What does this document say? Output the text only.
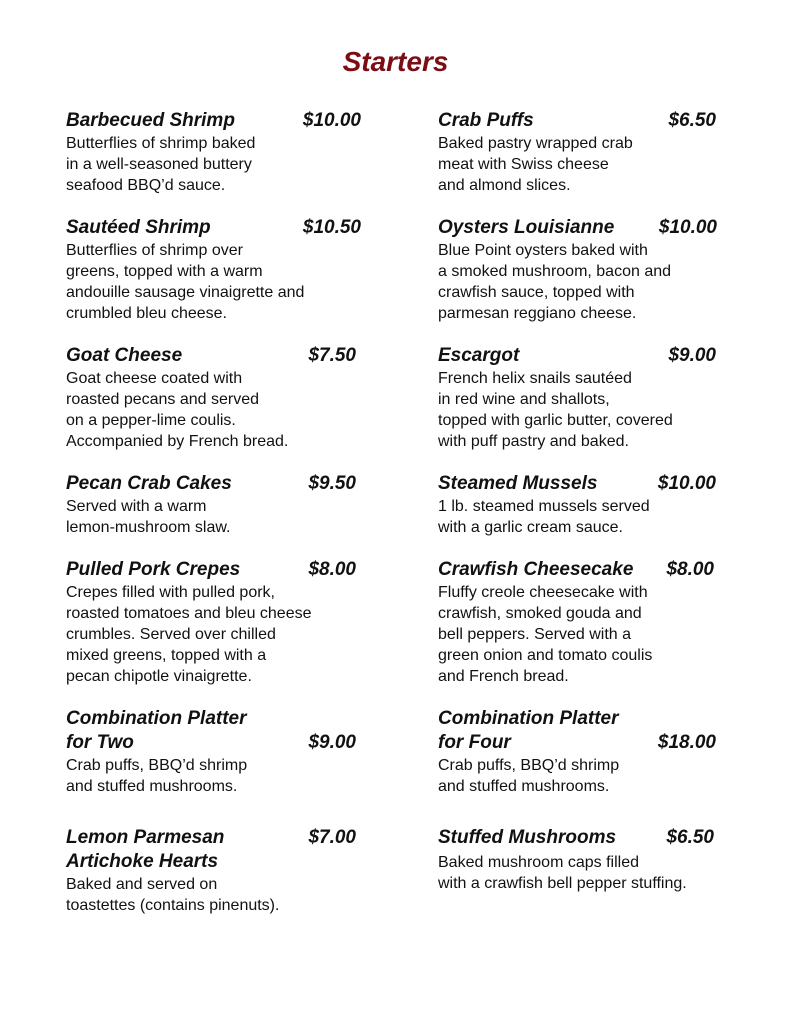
Starters
Barbecued Shrimp	$10.00
Butterflies of shrimp baked
in a well-seasoned buttery
seafood BBQ’d sauce.
Sautéed Shrimp	$10.50
Butterflies of shrimp over
greens, topped with a warm
andouille sausage vinaigrette and
crumbled bleu cheese.
Goat Cheese	$7.50
Goat cheese coated with
roasted pecans and served
on a pepper-lime coulis.
Accompanied by French bread.
Pecan Crab Cakes	$9.50
Served with a warm
lemon-mushroom slaw.
Pulled Pork Crepes	$8.00
Crepes filled with pulled pork,
roasted tomatoes and bleu cheese
crumbles. Served over chilled
mixed greens, topped with a
pecan chipotle vinaigrette.
Combination Platter
for Two	$9.00
Crab puffs, BBQ’d shrimp
and stuffed mushrooms.
Lemon Parmesan
Artichoke Hearts
$7.00
Baked and served on
toastettes (contains pinenuts).
Crab Puffs	$6.50
Baked pastry wrapped crab
meat with Swiss cheese
and almond slices.
Oysters Louisianne	$10.00
Blue Point oysters baked with
a smoked mushroom, bacon and
crawfish sauce, topped with
parmesan reggiano cheese.
Escargot	$9.00
French helix snails sautéed
in red wine and shallots,
topped with garlic butter, covered
with puff pastry and baked.
Steamed Mussels	$10.00
1 lb. steamed mussels served
with a garlic cream sauce.
Crawfish Cheesecake	$8.00
Fluffy creole cheesecake with
crawfish, smoked gouda and
bell peppers. Served with a
green onion and tomato coulis
and French bread.
Combination Platter
for Four	$18.00
Crab puffs, BBQ’d shrimp
and stuffed mushrooms.
Stuffed Mushrooms	$6.50
Baked mushroom caps filled
with a crawfish bell pepper stuffing.
